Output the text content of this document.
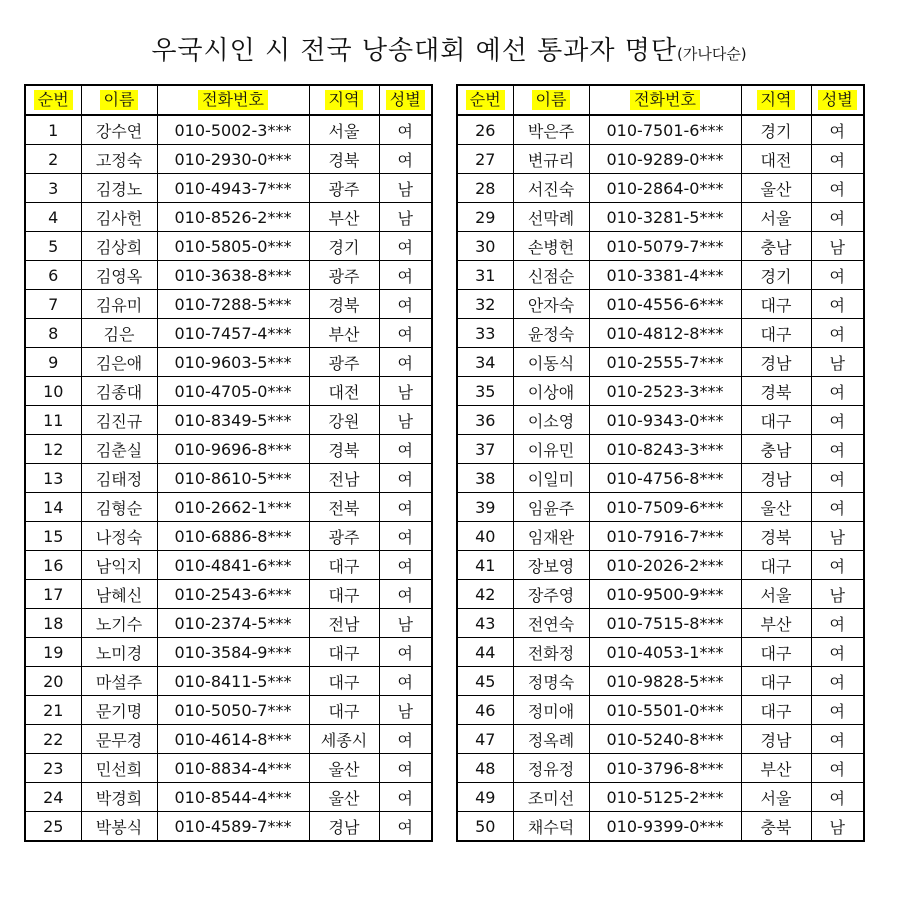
우국시인 시 전국 낭송대회 예선 통과자 명단(가나다순)
순번	이름	전화번호	지역	성별
1	강수연	010-5002-3***	서울	여
2	고정숙	010-2930-0***	경북	여
3	김경노	010-4943-7***	광주	남
4	김사헌	010-8526-2***	부산	남
5	김상희	010-5805-0***	경기	여
6	김영옥	010-3638-8***	광주	여
7	김유미	010-7288-5***	경북	여
8	김은	010-7457-4***	부산	여
9	김은애	010-9603-5***	광주	여
10	김종대	010-4705-0***	대전	남
11	김진규	010-8349-5***	강원	남
12	김춘실	010-9696-8***	경북	여
13	김태정	010-8610-5***	전남	여
14	김형순	010-2662-1***	전북	여
15	나정숙	010-6886-8***	광주	여
16	남익지	010-4841-6***	대구	여
17	남혜신	010-2543-6***	대구	여
18	노기수	010-2374-5***	전남	남
19	노미경	010-3584-9***	대구	여
20	마설주	010-8411-5***	대구	여
21	문기명	010-5050-7***	대구	남
22	문무경	010-4614-8***	세종시	여
23	민선희	010-8834-4***	울산	여
24	박경희	010-8544-4***	울산	여
25	박봉식	010-4589-7***	경남	여
순번	이름	전화번호	지역	성별
26	박은주	010-7501-6***	경기	여
27	변규리	010-9289-0***	대전	여
28	서진숙	010-2864-0***	울산	여
29	선막례	010-3281-5***	서울	여
30	손병헌	010-5079-7***	충남	남
31	신점순	010-3381-4***	경기	여
32	안자숙	010-4556-6***	대구	여
33	윤정숙	010-4812-8***	대구	여
34	이동식	010-2555-7***	경남	남
35	이상애	010-2523-3***	경북	여
36	이소영	010-9343-0***	대구	여
37	이유민	010-8243-3***	충남	여
38	이일미	010-4756-8***	경남	여
39	임윤주	010-7509-6***	울산	여
40	임재완	010-7916-7***	경북	남
41	장보영	010-2026-2***	대구	여
42	장주영	010-9500-9***	서울	남
43	전연숙	010-7515-8***	부산	여
44	전화정	010-4053-1***	대구	여
45	정명숙	010-9828-5***	대구	여
46	정미애	010-5501-0***	대구	여
47	정옥례	010-5240-8***	경남	여
48	정유정	010-3796-8***	부산	여
49	조미선	010-5125-2***	서울	여
50	채수덕	010-9399-0***	충북	남
